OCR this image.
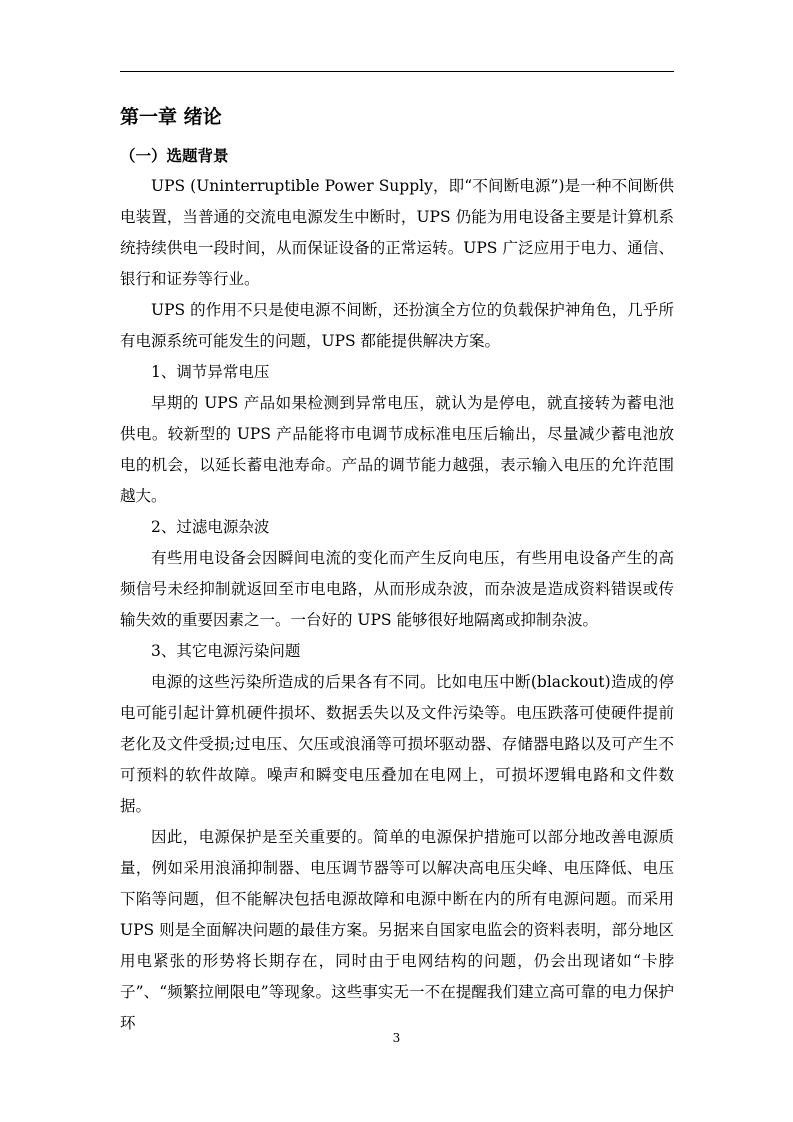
第一章 绪论
（一）选题背景

UPS (Uninterruptible Power Supply，即“不间断电源”)是一种不间断供电装置，当普通的交流电电源发生中断时，UPS 仍能为用电设备主要是计算机系统持续供电一段时间，从而保证设备的正常运转。UPS 广泛应用于电力、通信、银行和证券等行业。

UPS 的作用不只是使电源不间断，还扮演全方位的负载保护神角色，几乎所有电源系统可能发生的问题，UPS 都能提供解决方案。

1、调节异常电压

早期的 UPS 产品如果检测到异常电压，就认为是停电，就直接转为蓄电池供电。较新型的 UPS 产品能将市电调节成标准电压后输出，尽量减少蓄电池放电的机会，以延长蓄电池寿命。产品的调节能力越强，表示输入电压的允许范围越大。

2、过滤电源杂波

有些用电设备会因瞬间电流的变化而产生反向电压，有些用电设备产生的高频信号未经抑制就返回至市电电路，从而形成杂波，而杂波是造成资料错误或传输失效的重要因素之一。一台好的 UPS 能够很好地隔离或抑制杂波。

3、其它电源污染问题

电源的这些污染所造成的后果各有不同。比如电压中断(blackout)造成的停电可能引起计算机硬件损坏、数据丢失以及文件污染等。电压跌落可使硬件提前老化及文件受损;过电压、欠压或浪涌等可损坏驱动器、存储器电路以及可产生不可预料的软件故障。噪声和瞬变电压叠加在电网上，可损坏逻辑电路和文件数据。

因此，电源保护是至关重要的。简单的电源保护措施可以部分地改善电源质量，例如采用浪涌抑制器、电压调节器等可以解决高电压尖峰、电压降低、电压下陷等问题，但不能解决包括电源故障和电源中断在内的所有电源问题。而采用 UPS 则是全面解决问题的最佳方案。另据来自国家电监会的资料表明，部分地区用电紧张的形势将长期存在，同时由于电网结构的问题，仍会出现诸如“卡脖子”、“频繁拉闸限电”等现象。这些事实无一不在提醒我们建立高可靠的电力保护环

3
